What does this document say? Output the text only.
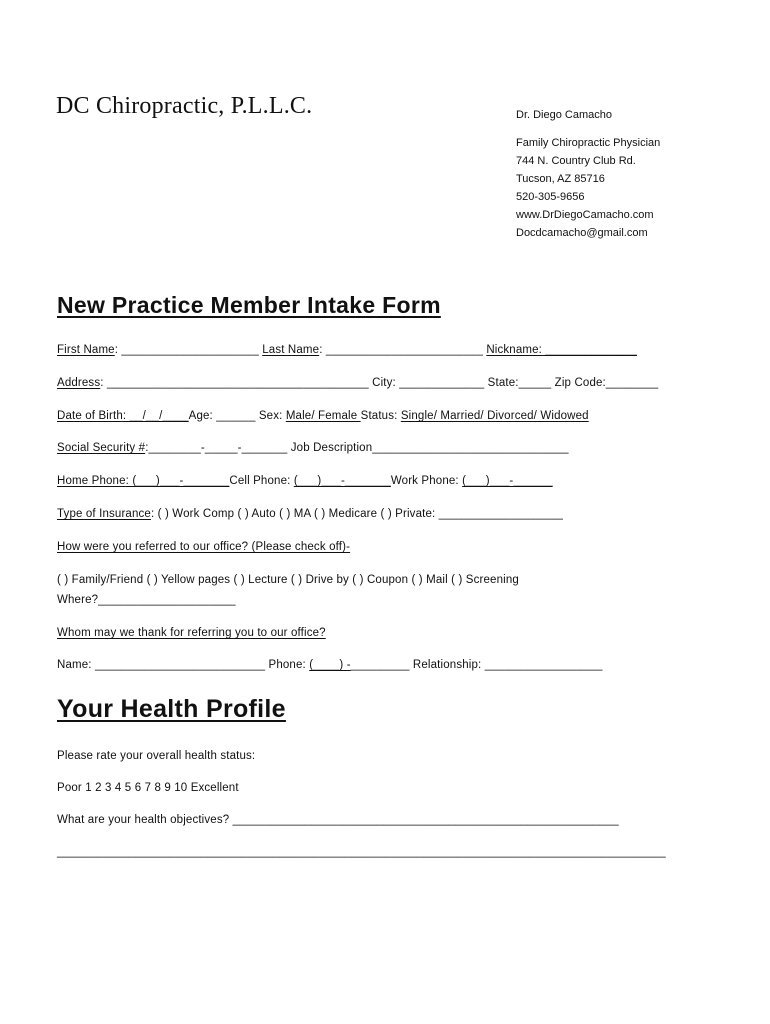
DC Chiropractic, P.L.L.C.	Dr. Diego Camacho
Family Chiropractic Physician
744 N. Country Club Rd.
Tucson, AZ 85716
520-305-9656
www.DrDiegoCamacho.com
Docdcamacho@gmail.com
New Practice Member Intake Form
First Name: _____________________ Last Name: ________________________ Nickname: ______________
Address: ________________________________________ City: _____________ State:_____ Zip Code:________
Date of Birth: __/__/____Age: ______ Sex: Male/ Female Status: Single/ Married/ Divorced/ Widowed
Social Security #:________-_____-_______ Job Description______________________________
Home Phone: (___)___-_______Cell Phone: (___)___-_______Work Phone: (___)___-______
Type of Insurance: ( ) Work Comp ( ) Auto ( ) MA ( ) Medicare ( ) Private: ___________________
How were you referred to our office? (Please check off)-
( ) Family/Friend ( ) Yellow pages ( ) Lecture ( ) Drive by ( ) Coupon ( ) Mail ( ) Screening
Where?_____________________
Whom may we thank for referring you to our office?
Name: __________________________ Phone: (____) -_________ Relationship: __________________
Your Health Profile
Please rate your overall health status:
Poor 1 2 3 4 5 6 7 8 9 10 Excellent
What are your health objectives? ___________________________________________________________
_____________________________________________________________________________________________
